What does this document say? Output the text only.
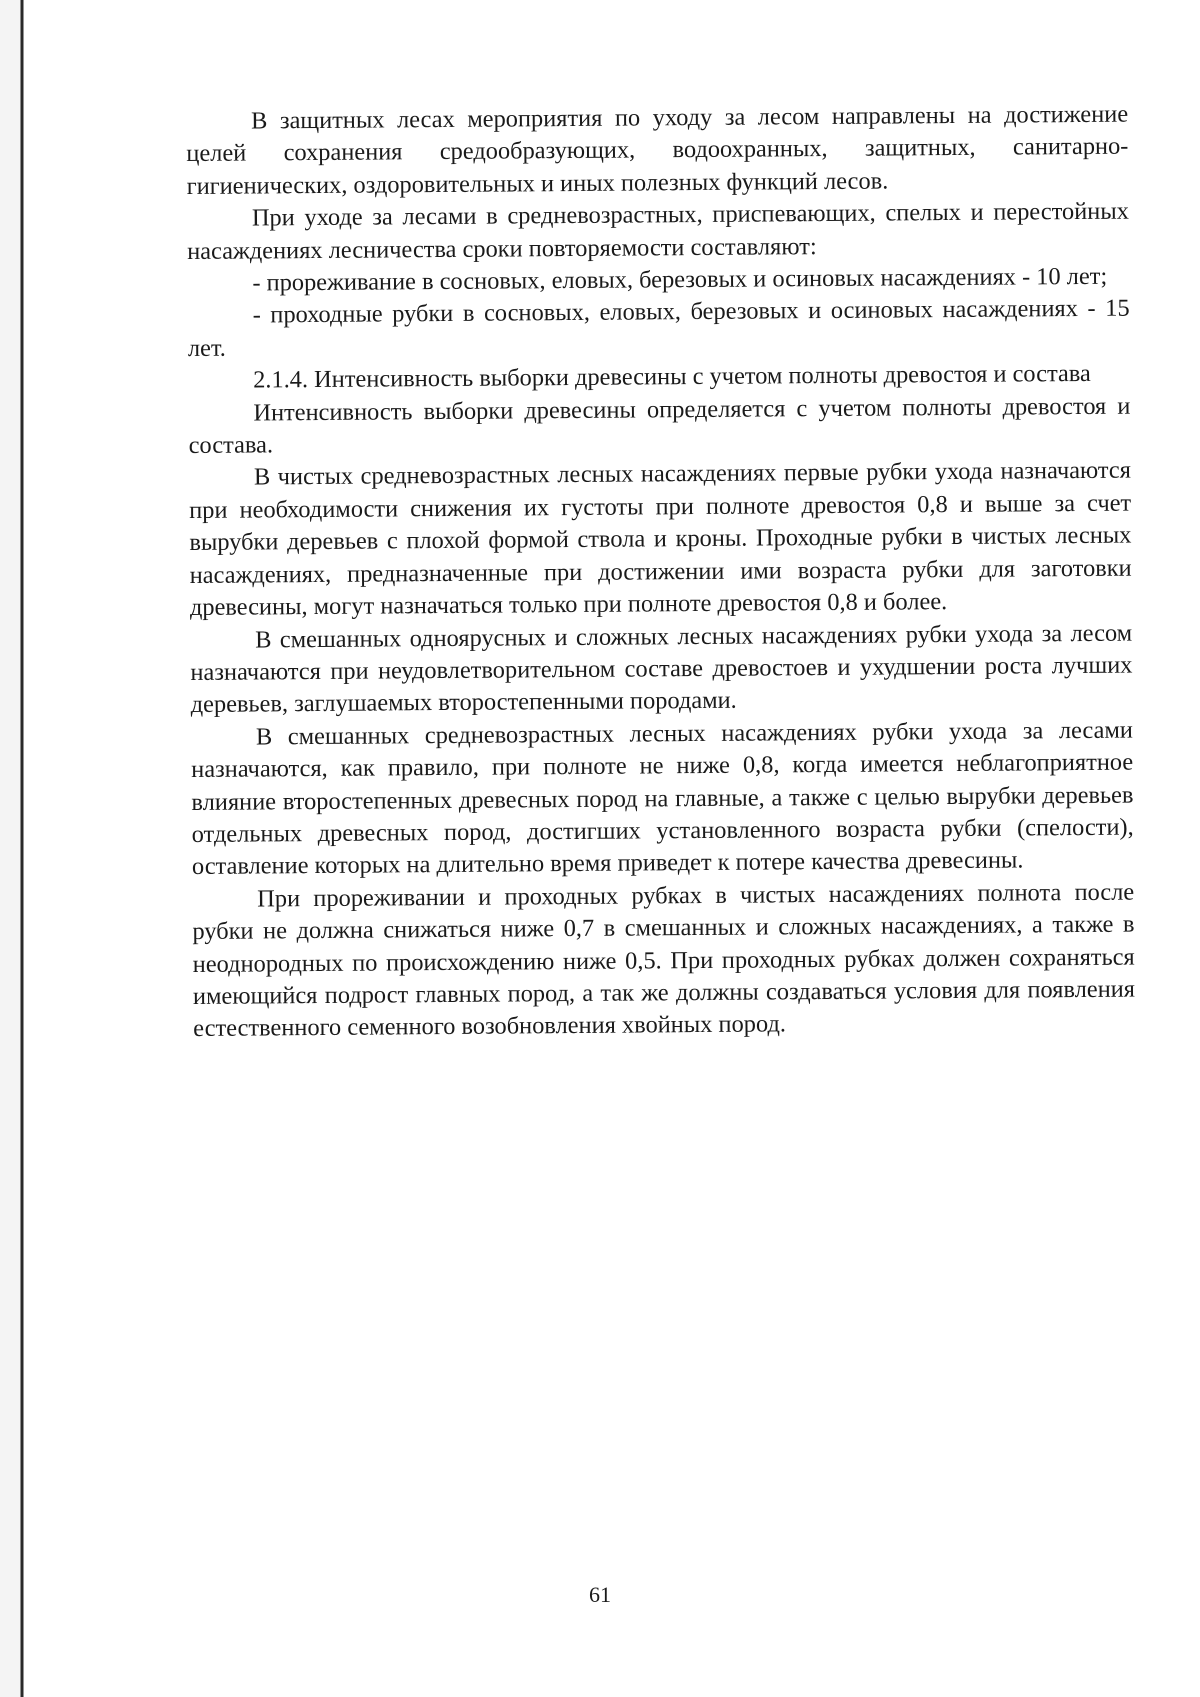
В защитных лесах мероприятия по уходу за лесом направлены на достижение целей сохранения средообразующих, водоохранных, защитных, санитарно-гигиенических, оздоровительных и иных полезных функций лесов.

При уходе за лесами в средневозрастных, приспевающих, спелых и перестойных насаждениях лесничества сроки повторяемости составляют:

- прореживание в сосновых, еловых, березовых и осиновых насаждениях - 10 лет;

- проходные рубки в сосновых, еловых, березовых и осиновых насаждениях - 15 лет.

2.1.4. Интенсивность выборки древесины с учетом полноты древостоя и состава

Интенсивность выборки древесины определяется с учетом полноты древостоя и состава.

В чистых средневозрастных лесных насаждениях первые рубки ухода назначаются при необходимости снижения их густоты при полноте древостоя 0,8 и выше за счет вырубки деревьев с плохой формой ствола и кроны. Проходные рубки в чистых лесных насаждениях, предназначенные при достижении ими возраста рубки для заготовки древесины, могут назначаться только при полноте древостоя 0,8 и более.

В смешанных одноярусных и сложных лесных насаждениях рубки ухода за лесом назначаются при неудовлетворительном составе древостоев и ухудшении роста лучших деревьев, заглушаемых второстепенными породами.

В смешанных средневозрастных лесных насаждениях рубки ухода за лесами назначаются, как правило, при полноте не ниже 0,8, когда имеется неблагоприятное влияние второстепенных древесных пород на главные, а также с целью вырубки деревьев отдельных древесных пород, достигших установленного возраста рубки (спелости), оставление которых на длительно время приведет к потере качества древесины.

При прореживании и проходных рубках в чистых насаждениях полнота после рубки не должна снижаться ниже 0,7 в смешанных и сложных насаждениях, а также в неоднородных по происхождению ниже 0,5. При проходных рубках должен сохраняться имеющийся подрост главных пород, а так же должны создаваться условия для появления естественного семенного возобновления хвойных пород.

61
